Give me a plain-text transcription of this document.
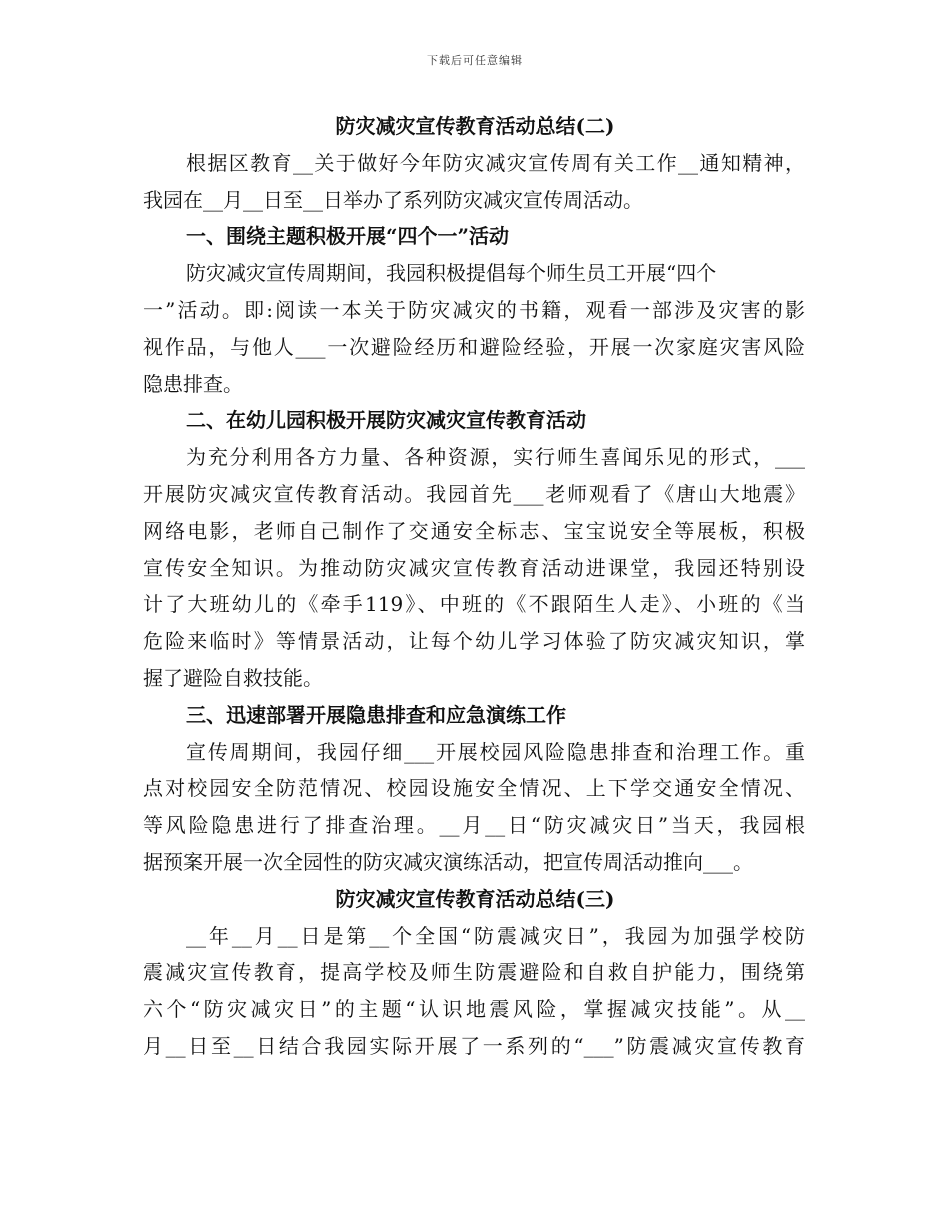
下载后可任意编辑
防灾减灾宣传教育活动总结(二)
根据区教育__关于做好今年防灾减灾宣传周有关工作__通知精神，
我园在__月__日至__日举办了系列防灾减灾宣传周活动。
一、围绕主题积极开展“四个一”活动
防灾减灾宣传周期间，我园积极提倡每个师生员工开展“四个
一”活动。即:阅读一本关于防灾减灾的书籍，观看一部涉及灾害的影
视作品，与他人___一次避险经历和避险经验，开展一次家庭灾害风险
隐患排查。
二、在幼儿园积极开展防灾减灾宣传教育活动
为充分利用各方力量、各种资源，实行师生喜闻乐见的形式，___
开展防灾减灾宣传教育活动。我园首先___老师观看了《唐山大地震》
网络电影，老师自己制作了交通安全标志、宝宝说安全等展板，积极
宣传安全知识。为推动防灾减灾宣传教育活动进课堂，我园还特别设
计了大班幼儿的《牵手119》、中班的《不跟陌生人走》、小班的《当
危险来临时》等情景活动，让每个幼儿学习体验了防灾减灾知识，掌
握了避险自救技能。
三、迅速部署开展隐患排查和应急演练工作
宣传周期间，我园仔细___开展校园风险隐患排查和治理工作。重
点对校园安全防范情况、校园设施安全情况、上下学交通安全情况、
等风险隐患进行了排查治理。__月__日“防灾减灾日”当天，我园根
据预案开展一次全园性的防灾减灾演练活动，把宣传周活动推向___。
防灾减灾宣传教育活动总结(三)
__年__月__日是第__个全国“防震减灾日”，我园为加强学校防
震减灾宣传教育，提高学校及师生防震避险和自救自护能力，围绕第
六个“防灾减灾日”的主题“认识地震风险，掌握减灾技能”。从__
月__日至__日结合我园实际开展了一系列的“___”防震减灾宣传教育
